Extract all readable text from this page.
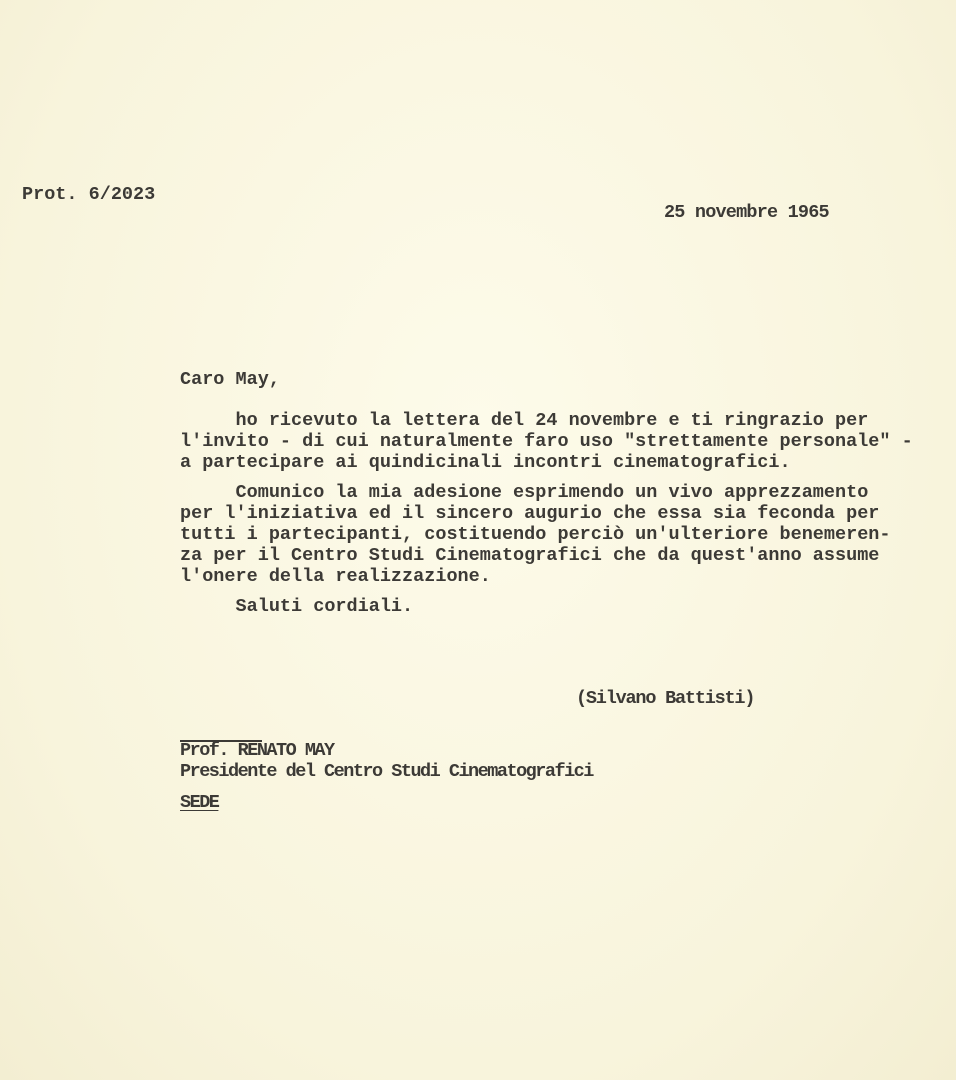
Prot. 6/2023
25 novembre 1965
Caro May,
ho ricevuto la lettera del 24 novembre e ti ringrazio per
l'invito - di cui naturalmente faro uso "strettamente personale" -
a partecipare ai quindicinali incontri cinematografici.
Comunico la mia adesione esprimendo un vivo apprezzamento
per l'iniziativa ed il sincero augurio che essa sia feconda per
tutti i partecipanti, costituendo perciò un'ulteriore benemeren-
za per il Centro Studi Cinematografici che da quest'anno assume
l'onere della realizzazione.
Saluti cordiali.
(Silvano Battisti)
Prof. RENATO MAY
Presidente del Centro Studi Cinematografici
SEDE
